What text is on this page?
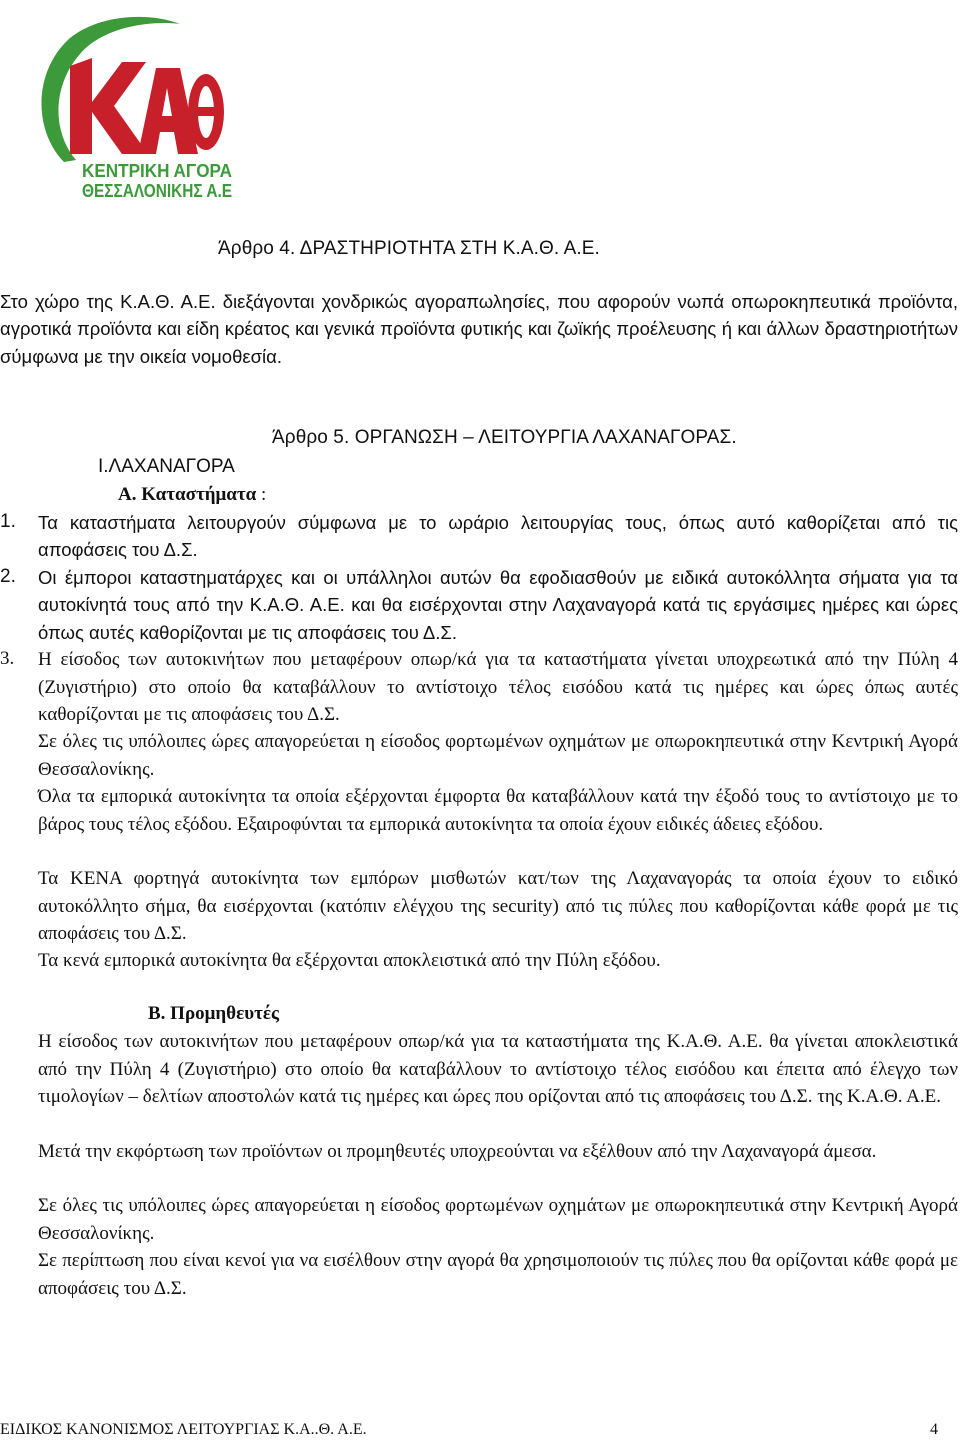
ΚΕΝΤΡΙΚΗ ΑΓΟΡΑ
ΘΕΣΣΑΛΟΝΙΚΗΣ Α.Ε
Άρθρο 4. ΔΡΑΣΤΗΡΙΟΤΗΤΑ ΣΤΗ Κ.Α.Θ. Α.Ε.
Στο χώρο της Κ.Α.Θ. Α.Ε. διεξάγονται χονδρικώς αγοραπωλησίες, που αφορούν νωπά οπωροκηπευτικά προϊόντα, αγροτικά προϊόντα και είδη κρέατος και γενικά προϊόντα φυτικής και ζωϊκής προέλευσης ή και άλλων δραστηριοτήτων σύμφωνα με την οικεία νομοθεσία.
Άρθρο 5. ΟΡΓΑΝΩΣΗ – ΛΕΙΤΟΥΡΓΙΑ ΛΑΧΑΝΑΓΟΡΑΣ.
Ι.ΛΑΧΑΝΑΓΟΡΑ
Α. Καταστήματα :
1. Τα καταστήματα λειτουργούν σύμφωνα με το ωράριο λειτουργίας τους, όπως αυτό καθορίζεται από τις αποφάσεις του Δ.Σ.
2. Οι έμποροι καταστηματάρχες και οι υπάλληλοι αυτών θα εφοδιασθούν με ειδικά αυτοκόλλητα σήματα για τα αυτοκίνητά τους από την Κ.Α.Θ. Α.Ε. και θα εισέρχονται στην Λαχαναγορά κατά τις εργάσιμες ημέρες και ώρες όπως αυτές καθορίζονται με τις αποφάσεις του Δ.Σ.
3. Η είσοδος των αυτοκινήτων που μεταφέρουν οπωρ/κά για τα καταστήματα γίνεται υποχρεωτικά από την Πύλη 4 (Ζυγιστήριο) στο οποίο θα καταβάλλουν το αντίστοιχο τέλος εισόδου κατά τις ημέρες και ώρες όπως αυτές καθορίζονται με τις αποφάσεις του Δ.Σ.
Σε όλες τις υπόλοιπες ώρες απαγορεύεται η είσοδος φορτωμένων οχημάτων με οπωροκηπευτικά στην Κεντρική Αγορά Θεσσαλονίκης.
Όλα τα εμπορικά αυτοκίνητα τα οποία εξέρχονται έμφορτα θα καταβάλλουν κατά την έξοδό τους το αντίστοιχο με το βάρος τους τέλος εξόδου. Εξαιροφύνται τα εμπορικά αυτοκίνητα τα οποία έχουν ειδικές άδειες εξόδου.
Τα ΚΕΝΑ φορτηγά αυτοκίνητα των εμπόρων μισθωτών κατ/των της Λαχαναγοράς τα οποία έχουν το ειδικό αυτοκόλλητο σήμα, θα εισέρχονται (κατόπιν ελέγχου της security) από τις πύλες που καθορίζονται κάθε φορά με τις αποφάσεις του Δ.Σ.
Τα κενά εμπορικά αυτοκίνητα θα εξέρχονται αποκλειστικά από την Πύλη εξόδου.
Β. Προμηθευτές
Η είσοδος των αυτοκινήτων που μεταφέρουν οπωρ/κά για τα καταστήματα της Κ.Α.Θ. Α.Ε. θα γίνεται αποκλειστικά από την Πύλη 4 (Ζυγιστήριο) στο οποίο θα καταβάλλουν το αντίστοιχο τέλος εισόδου και έπειτα από έλεγχο των τιμολογίων – δελτίων αποστολών κατά τις ημέρες και ώρες που ορίζονται από τις αποφάσεις του Δ.Σ. της Κ.Α.Θ. Α.Ε.
Μετά την εκφόρτωση των προϊόντων οι προμηθευτές υποχρεούνται να εξέλθουν από την Λαχαναγορά άμεσα.
Σε όλες τις υπόλοιπες ώρες απαγορεύεται η είσοδος φορτωμένων οχημάτων με οπωροκηπευτικά στην Κεντρική Αγορά Θεσσαλονίκης.
Σε περίπτωση που είναι κενοί για να εισέλθουν στην αγορά θα χρησιμοποιούν τις πύλες που θα ορίζονται κάθε φορά με αποφάσεις του Δ.Σ.
ΕΙΔΙΚΟΣ ΚΑΝΟΝΙΣΜΟΣ ΛΕΙΤΟΥΡΓΙΑΣ Κ.Α..Θ. Α.Ε.	4
